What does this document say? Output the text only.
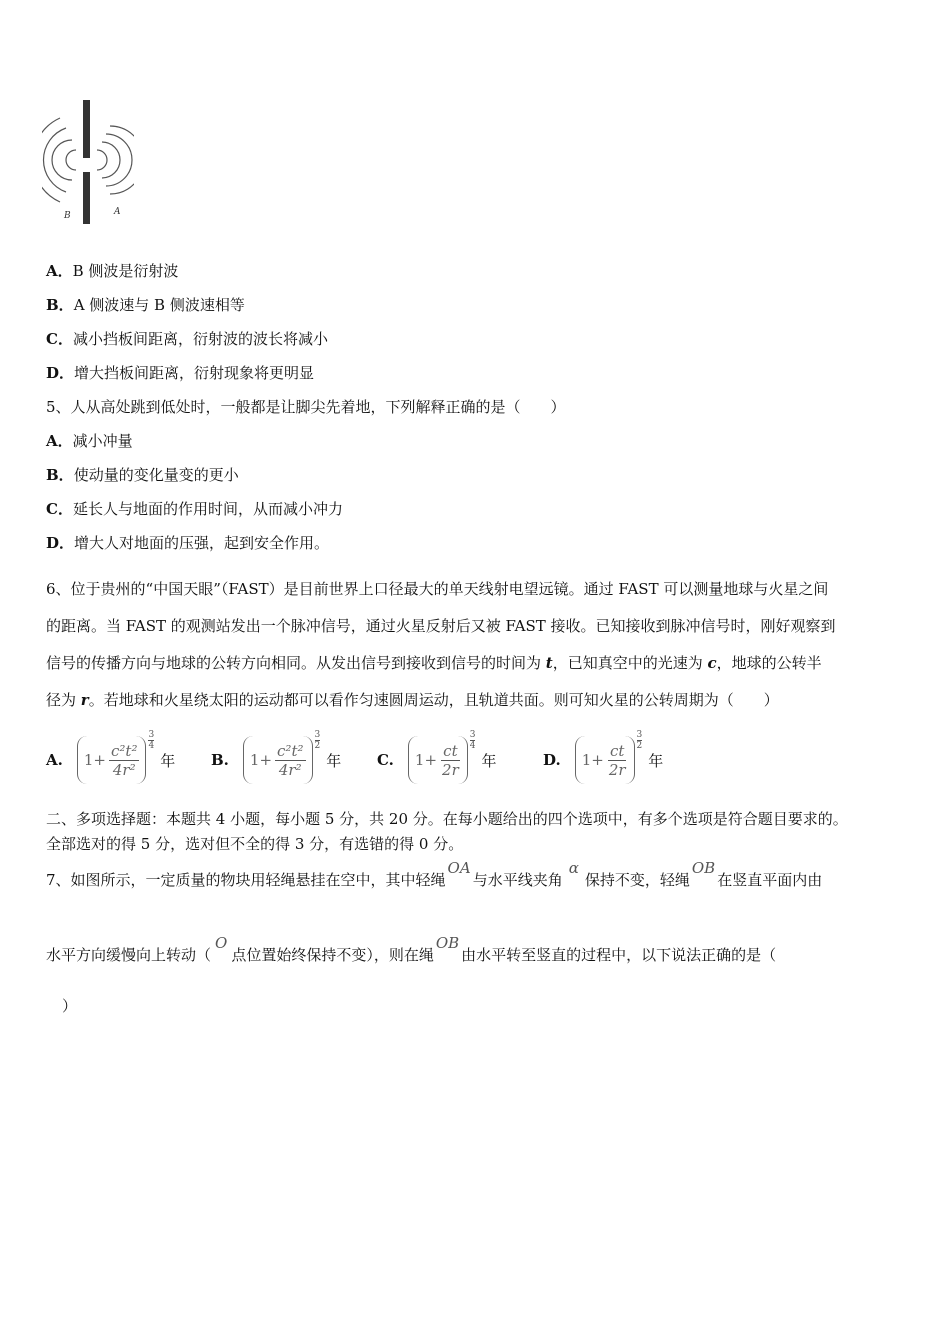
B	A
A．B 侧波是衍射波
B．A 侧波速与 B 侧波速相等
C．减小挡板间距离，衍射波的波长将减小
D．增大挡板间距离，衍射现象将更明显
5、人从高处跳到低处时，一般都是让脚尖先着地，下列解释正确的是（　　）
A．减小冲量
B．使动量的变化量变的更小
C．延长人与地面的作用时间，从而减小冲力
D．增大人对地面的压强，起到安全作用。
6、位于贵州的“中国天眼”（FAST）是目前世界上口径最大的单天线射电望远镜。通过 FAST 可以测量地球与火星之间
的距离。当 FAST 的观测站发出一个脉冲信号，通过火星反射后又被 FAST 接收。已知接收到脉冲信号时，刚好观察到
信号的传播方向与地球的公转方向相同。从发出信号到接收到信号的时间为 t，已知真空中的光速为 c，地球的公转半
径为 r。若地球和火星绕太阳的运动都可以看作匀速圆周运动，且轨道共面。则可知火星的公转周期为（　　）
A. $1+ \frac{\text{c²t²}}{\text{4r²}}$
$\frac{3}{4}$
年 B. $1+ \frac{\text{c²t²}}{\text{4r²}}$
$\frac{3}{2}$
年 C. $1+ \frac{ct}{2r}$
$\frac{3}{4}$
年	D. $1+ \frac{ct}{2r}$
$\frac{3}{2}$
年
二、多项选择题：本题共 4 小题，每小题 5 分，共 20 分。在每小题给出的四个选项中，有多个选项是符合题目要求的。
全部选对的得 5 分，选对但不全的得 3 分，有选错的得 0 分。
7、如图所示，一定质量的物块用轻绳悬挂在空中，其中轻绳OA与水平线夹角α保持不变，轻绳OB在竖直平面内由
水平方向缓慢向上转动（O点位置始终保持不变），则在绳OB由水平转至竖直的过程中，以下说法正确的是（
）
